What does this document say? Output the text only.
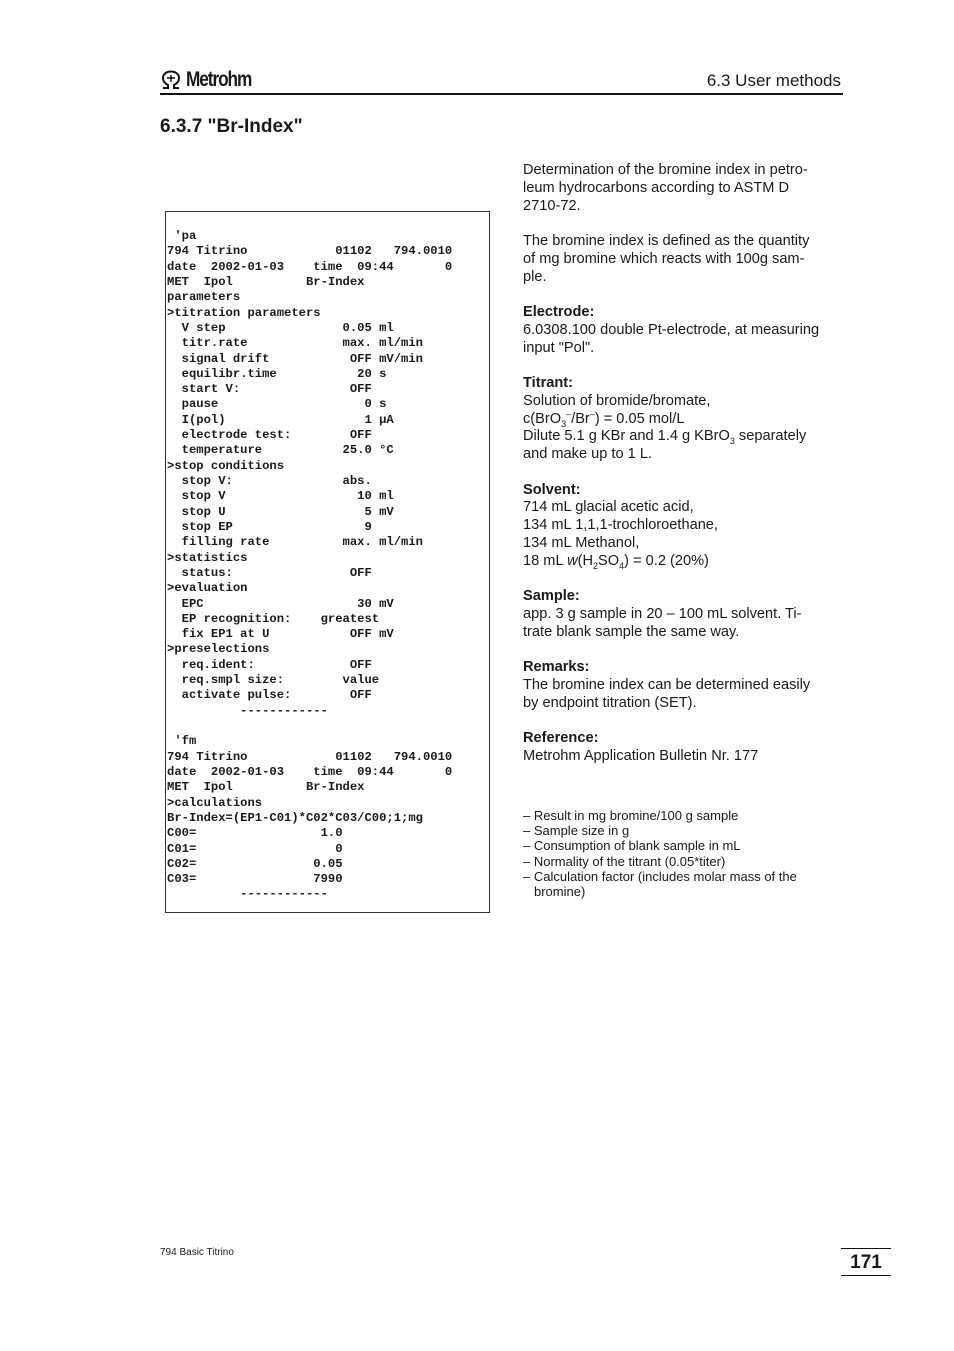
Metrohm	6.3 User methods
6.3.7 "Br-Index"
'pa
794 Titrino            01102   794.0010
date  2002-01-03    time  09:44       0
MET  Ipol          Br-Index
parameters
>titration parameters
V step                0.05 ml
titr.rate             max. ml/min
signal drift           OFF mV/min
equilibr.time           20 s
start V:               OFF
pause                    0 s
I(pol)                   1 µA
electrode test:        OFF
temperature           25.0 °C
>stop conditions
stop V:               abs.
stop V                  10 ml
stop U                   5 mV
stop EP                  9
filling rate          max. ml/min
>statistics
status:                OFF
>evaluation
EPC                     30 mV
EP recognition:    greatest
fix EP1 at U           OFF mV
>preselections
req.ident:             OFF
req.smpl size:        value
activate pulse:        OFF
------------

'fm
794 Titrino            01102   794.0010
date  2002-01-03    time  09:44       0
MET  Ipol          Br-Index
>calculations
Br-Index=(EP1-C01)*C02*C03/C00;1;mg
C00=                 1.0
C01=                   0
C02=                0.05
C03=                7990
------------

Determination of the bromine index in petro-

leum hydrocarbons according to ASTM D

2710-72.

The bromine index is defined as the quantity

of mg bromine which reacts with 100g sam-

ple.

Electrode:

6.0308.100 double Pt-electrode, at measuring

input "Pol".

Titrant:

Solution of bromide/bromate,

c(BrO$_3$–/Br–) = 0.05 mol/L

Dilute 5.1 g KBr and 1.4 g KBrO$_3$ separately

and make up to 1 L.

Solvent:

714 mL glacial acetic acid,

134 mL 1,1,1-trochloroethane,

134 mL Methanol,

18 mL $w(H_2SO_4) = 0.2$ (20%)

Sample:

app. 3 g sample in 20 – 100 mL solvent. Ti-

trate blank sample the same way.

Remarks:

The bromine index can be determined easily

by endpoint titration (SET).

Reference:

Metrohm Application Bulletin Nr. 177

– Result in mg bromine/100 g sample
– Sample size in g
– Consumption of blank sample in mL
– Normality of the titrant (0.05*titer)
– Calculation factor (includes molar mass of the bromine)
794 Basic Titrino	171
